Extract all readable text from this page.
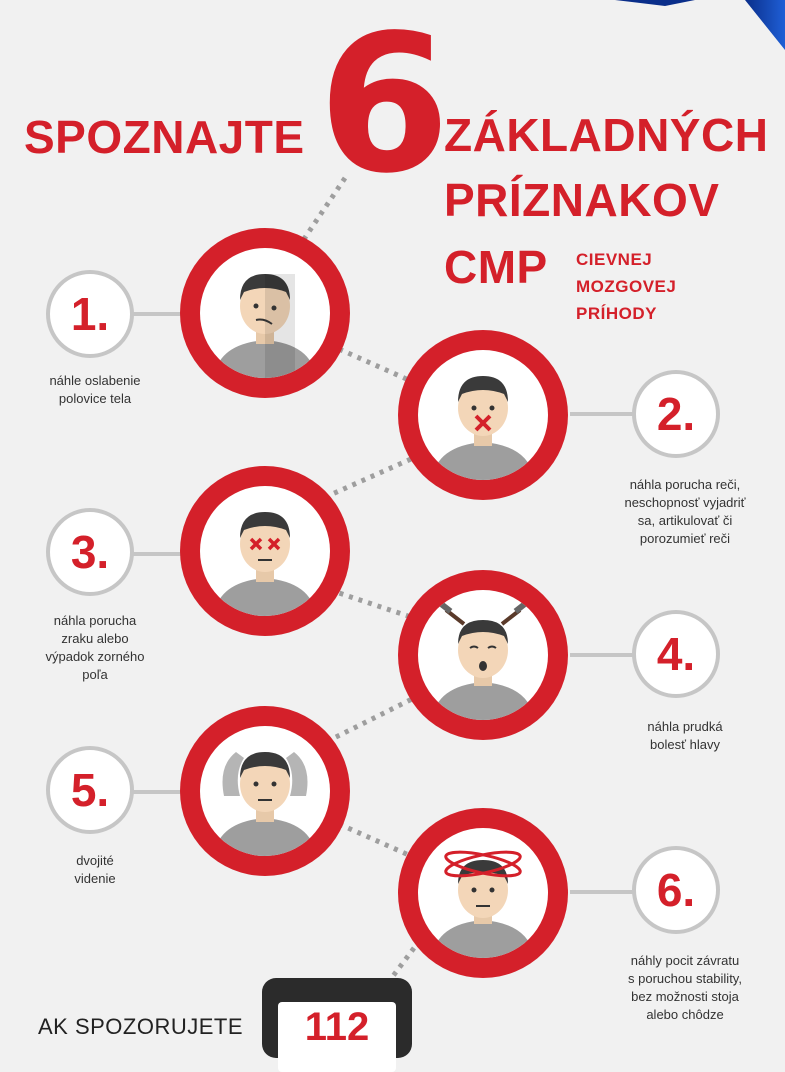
SPOZNAJTE 6
ZÁKLADNÝCH
PRÍZNAKOV
CMP CIEVNEJ
MOZGOVEJ
PRÍHODY
1.
náhle oslabenie
polovice tela	2.
náhla porucha reči,
neschopnosť vyjadriť
sa, artikulovať či
porozumieť reči
3.
náhla porucha
zraku alebo
výpadok zorného
poľa	4.
náhla prudká
bolesť hlavy
5.
dvojité
videnie	6.
náhly pocit závratu
s poruchou stability,
bez možnosti stoja
alebo chôdze
AK SPOZORUJETE	112
